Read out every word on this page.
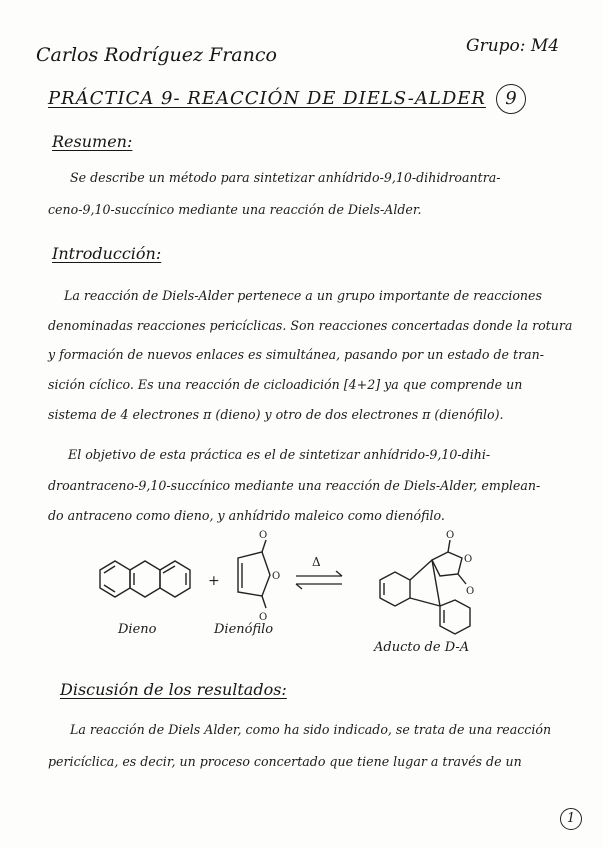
Carlos Rodríguez Franco	Grupo: M4
9
PRÁCTICA 9- REACCIÓN DE DIELS-ALDER
Resumen:
Se describe un método para sintetizar anhídrido-9,10-dihidroantra-
ceno-9,10-succínico mediante una reacción de Diels-Alder.
Introducción:
La reacción de Diels-Alder pertenece a un grupo importante de reacciones
denominadas reacciones pericíclicas. Son reacciones concertadas donde la rotura
y formación de nuevos enlaces es simultánea, pasando por un estado de tran-
sición cíclico. Es una reacción de cicloadición [4+2] ya que comprende un
sistema de 4 electrones π (dieno) y otro de dos electrones π (dienófilo).
El objetivo de esta práctica es el de sintetizar anhídrido-9,10-dihi-
droantraceno-9,10-succínico mediante una reacción de Diels-Alder, emplean-
do antraceno como dieno, y anhídrido maleico como dienófilo.
+	O
O
O
Δ	O
O
O
Dieno	Dienófilo
Aducto de D-A
Discusión de los resultados:
La reacción de Diels Alder, como ha sido indicado, se trata de una reacción
pericíclica, es decir, un proceso concertado que tiene lugar a través de un
1
